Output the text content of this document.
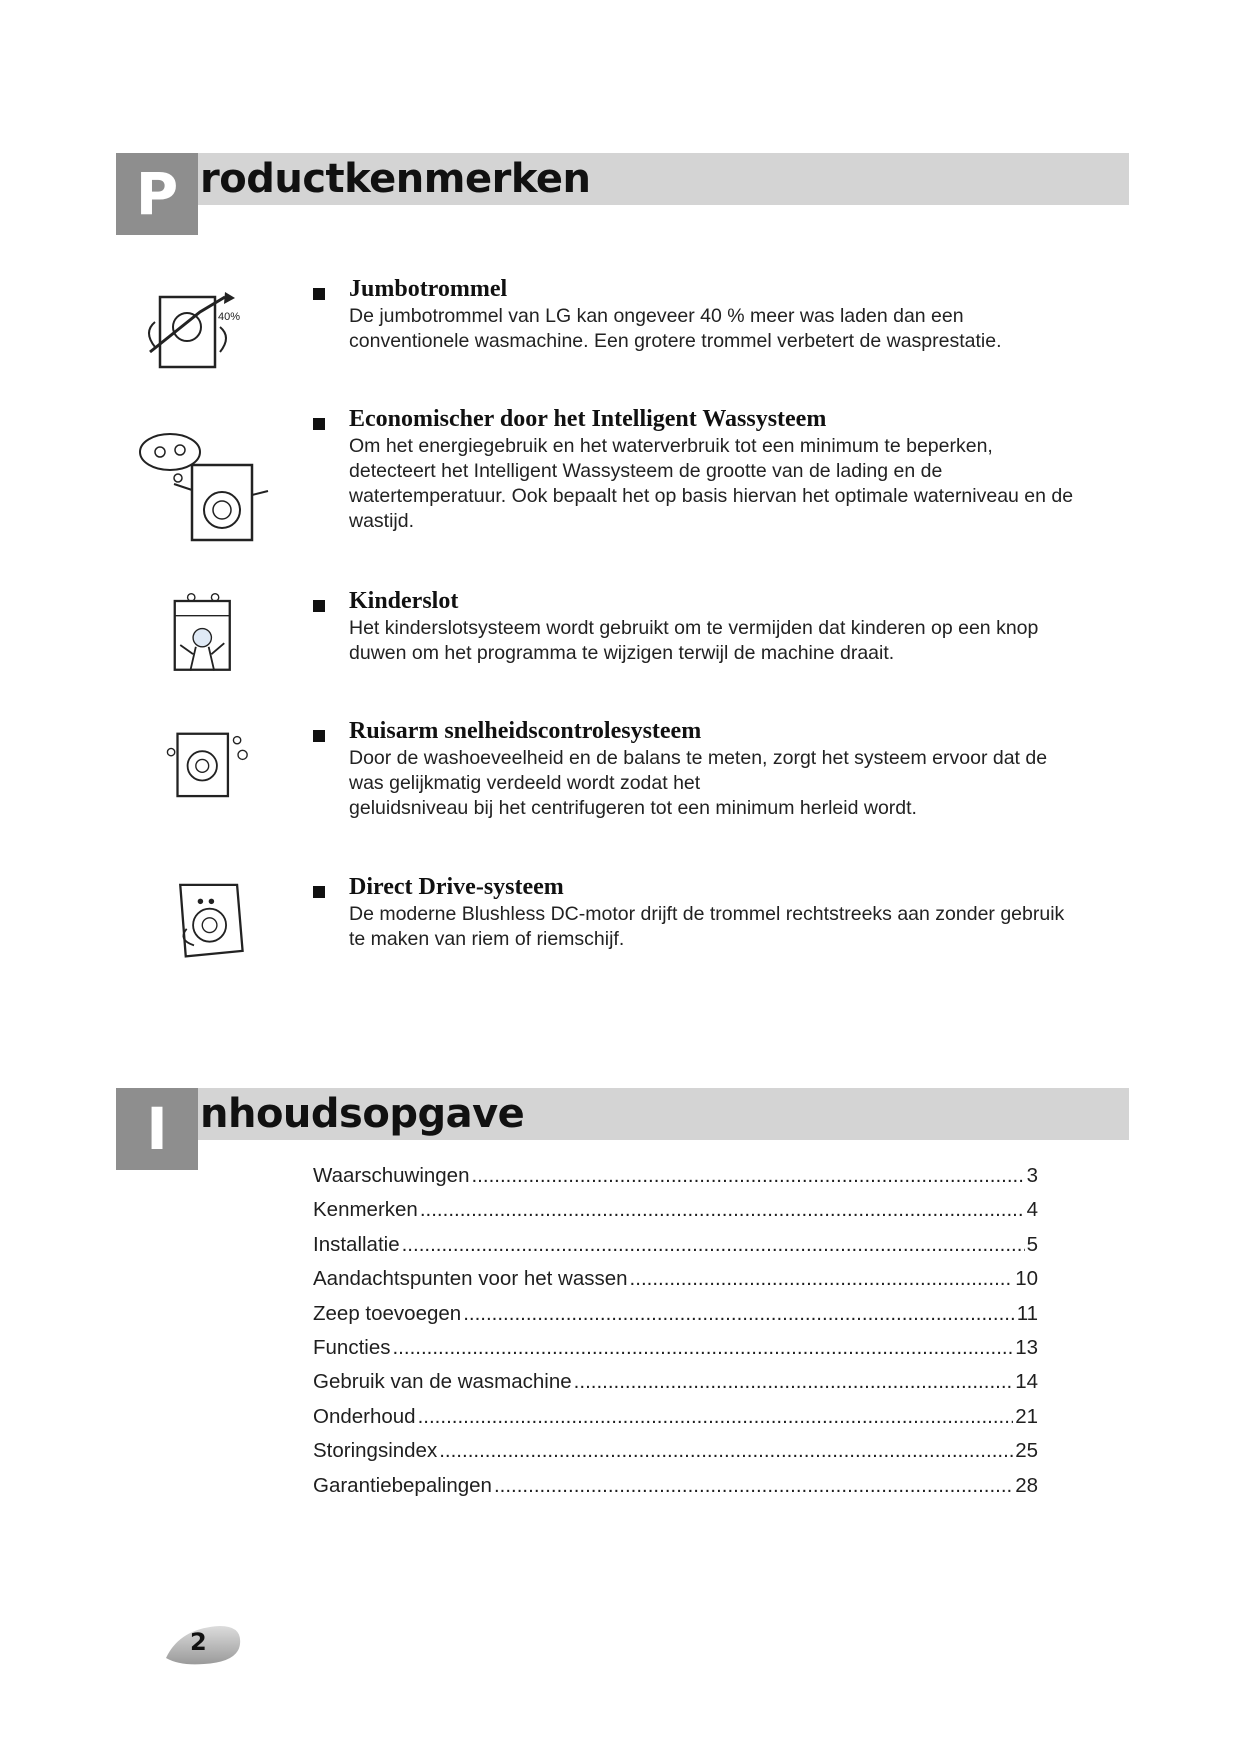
P roductkenmerken
40%
Jumbotrommel
De jumbotrommel van LG kan ongeveer 40 % meer was laden dan een
conventionele wasmachine. Een grotere trommel verbetert de wasprestatie.
Economischer door het Intelligent Wassysteem
Om het energiegebruik en het waterverbruik tot een minimum te beperken,
detecteert het Intelligent Wassysteem de grootte van de lading en de
watertemperatuur. Ook bepaalt het op basis hiervan het optimale waterniveau en de
wastijd.
Kinderslot
Het kinderslotsysteem wordt gebruikt om te vermijden dat kinderen op een knop
duwen om het programma te wijzigen terwijl de machine draait.
Ruisarm snelheidscontrolesysteem
Door de washoeveelheid en de balans te meten, zorgt het systeem ervoor dat de
was gelijkmatig verdeeld wordt zodat het
geluidsniveau bij het centrifugeren tot een minimum herleid wordt.
Direct Drive-systeem
De moderne Blushless DC-motor drijft de trommel rechtstreeks aan zonder gebruik
te maken van riem of riemschijf.
I nhoudsopgave
Waarschuwingen .....	3
Kenmerken .....	4
Installatie .....	5
Aandachtspunten voor het wassen .....	10
Zeep toevoegen .....	11
Functies .....	13
Gebruik van de wasmachine .....	14
Onderhoud .....	21
Storingsindex .....	25
Garantiebepalingen .....	28
2
